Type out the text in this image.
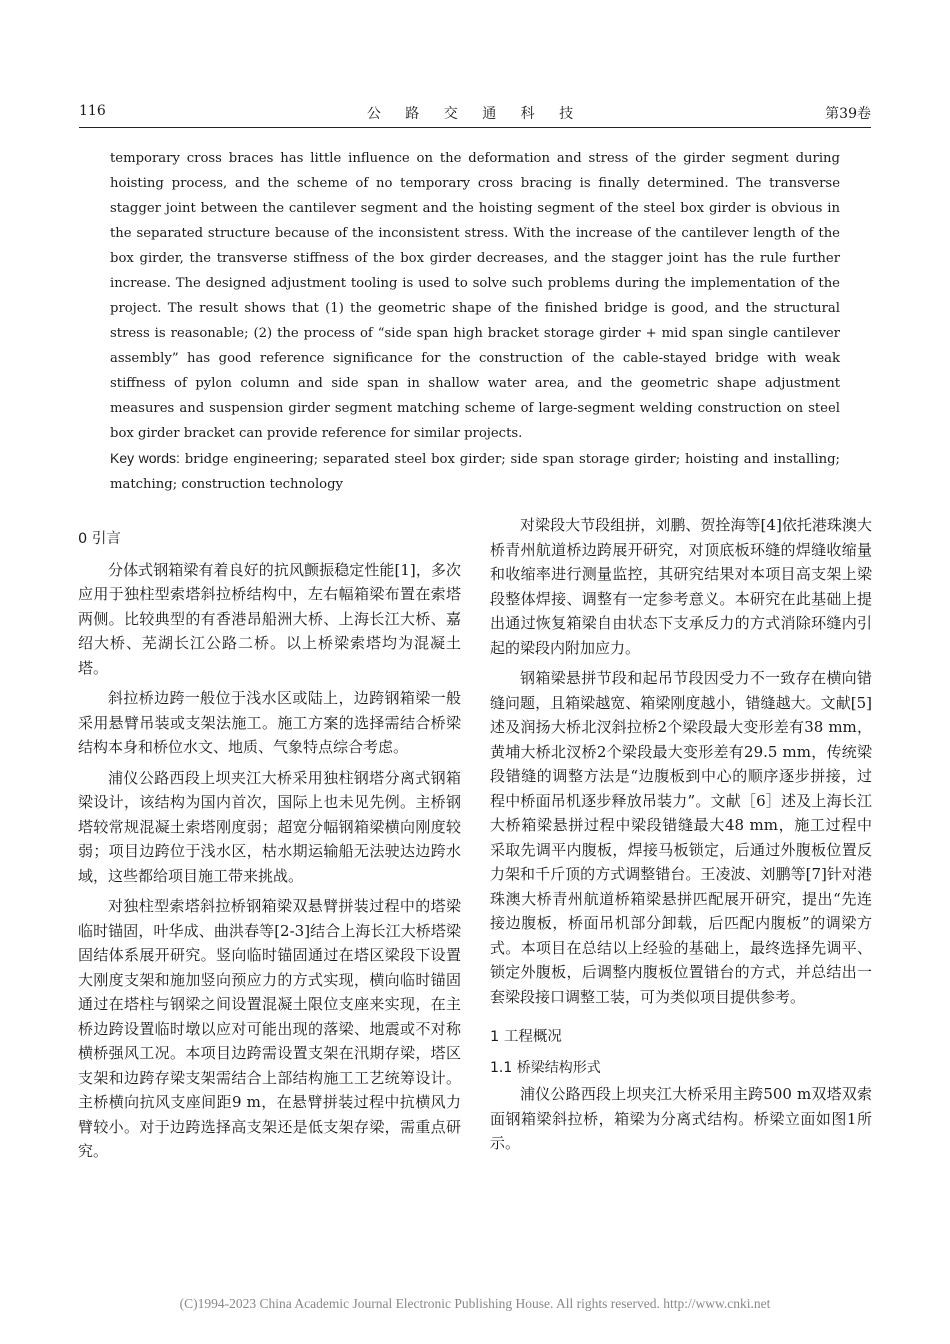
116	公 路 交 通 科 技	第39卷
temporary cross braces has little influence on the deformation and stress of the girder segment during hoisting process, and the scheme of no temporary cross bracing is finally determined. The transverse stagger joint between the cantilever segment and the hoisting segment of the steel box girder is obvious in the separated structure because of the inconsistent stress. With the increase of the cantilever length of the box girder, the transverse stiffness of the box girder decreases, and the stagger joint has the rule further increase. The designed adjustment tooling is used to solve such problems during the implementation of the project. The result shows that (1) the geometric shape of the finished bridge is good, and the structural stress is reasonable; (2) the process of “side span high bracket storage girder + mid span single cantilever assembly” has good reference significance for the construction of the cable-stayed bridge with weak stiffness of pylon column and side span in shallow water area, and the geometric shape adjustment measures and suspension girder segment matching scheme of large-segment welding construction on steel box girder bracket can provide reference for similar projects.
Key words: bridge engineering; separated steel box girder; side span storage girder; hoisting and installing; matching; construction technology
0 引言
分体式钢箱梁有着良好的抗风颤振稳定性能[1]，多次应用于独柱型索塔斜拉桥结构中，左右幅箱梁布置在索塔两侧。比较典型的有香港昂船洲大桥、上海长江大桥、嘉绍大桥、芜湖长江公路二桥。以上桥梁索塔均为混凝土塔。
斜拉桥边跨一般位于浅水区或陆上，边跨钢箱梁一般采用悬臂吊装或支架法施工。施工方案的选择需结合桥梁结构本身和桥位水文、地质、气象特点综合考虑。
浦仪公路西段上坝夹江大桥采用独柱钢塔分离式钢箱梁设计，该结构为国内首次，国际上也未见先例。主桥钢塔较常规混凝土索塔刚度弱；超宽分幅钢箱梁横向刚度较弱；项目边跨位于浅水区，枯水期运输船无法驶达边跨水域，这些都给项目施工带来挑战。
对独柱型索塔斜拉桥钢箱梁双悬臂拼装过程中的塔梁临时锚固，叶华成、曲洪春等[2-3]结合上海长江大桥塔梁固结体系展开研究。竖向临时锚固通过在塔区梁段下设置大刚度支架和施加竖向预应力的方式实现，横向临时锚固通过在塔柱与钢梁之间设置混凝土限位支座来实现，在主桥边跨设置临时墩以应对可能出现的落梁、地震或不对称横桥强风工况。本项目边跨需设置支架在汛期存梁，塔区支架和边跨存梁支架需结合上部结构施工工艺统筹设计。主桥横向抗风支座间距9 m，在悬臂拼装过程中抗横风力臂较小。对于边跨选择高支架还是低支架存梁，需重点研究。
对梁段大节段组拼，刘鹏、贺拴海等[4]依托港珠澳大桥青州航道桥边跨展开研究，对顶底板环缝的焊缝收缩量和收缩率进行测量监控，其研究结果对本项目高支架上梁段整体焊接、调整有一定参考意义。本研究在此基础上提出通过恢复箱梁自由状态下支承反力的方式消除环缝内引起的梁段内附加应力。
钢箱梁悬拼节段和起吊节段因受力不一致存在横向错缝问题，且箱梁越宽、箱梁刚度越小，错缝越大。文献[5]述及润扬大桥北汊斜拉桥2个梁段最大变形差有38 mm，黄埔大桥北汊桥2个梁段最大变形差有29.5 mm，传统梁段错缝的调整方法是“边腹板到中心的顺序逐步拼接，过程中桥面吊机逐步释放吊装力”。文献［6］述及上海长江大桥箱梁悬拼过程中梁段错缝最大48 mm，施工过程中采取先调平内腹板，焊接马板锁定，后通过外腹板位置反力架和千斤顶的方式调整错台。王凌波、刘鹏等[7]针对港珠澳大桥青州航道桥箱梁悬拼匹配展开研究，提出“先连接边腹板，桥面吊机部分卸载，后匹配内腹板”的调梁方式。本项目在总结以上经验的基础上，最终选择先调平、锁定外腹板，后调整内腹板位置错台的方式，并总结出一套梁段接口调整工装，可为类似项目提供参考。
1 工程概况
1.1 桥梁结构形式
浦仪公路西段上坝夹江大桥采用主跨500 m双塔双索面钢箱梁斜拉桥，箱梁为分离式结构。桥梁立面如图1所示。
(C)1994-2023 China Academic Journal Electronic Publishing House. All rights reserved. http://www.cnki.net
